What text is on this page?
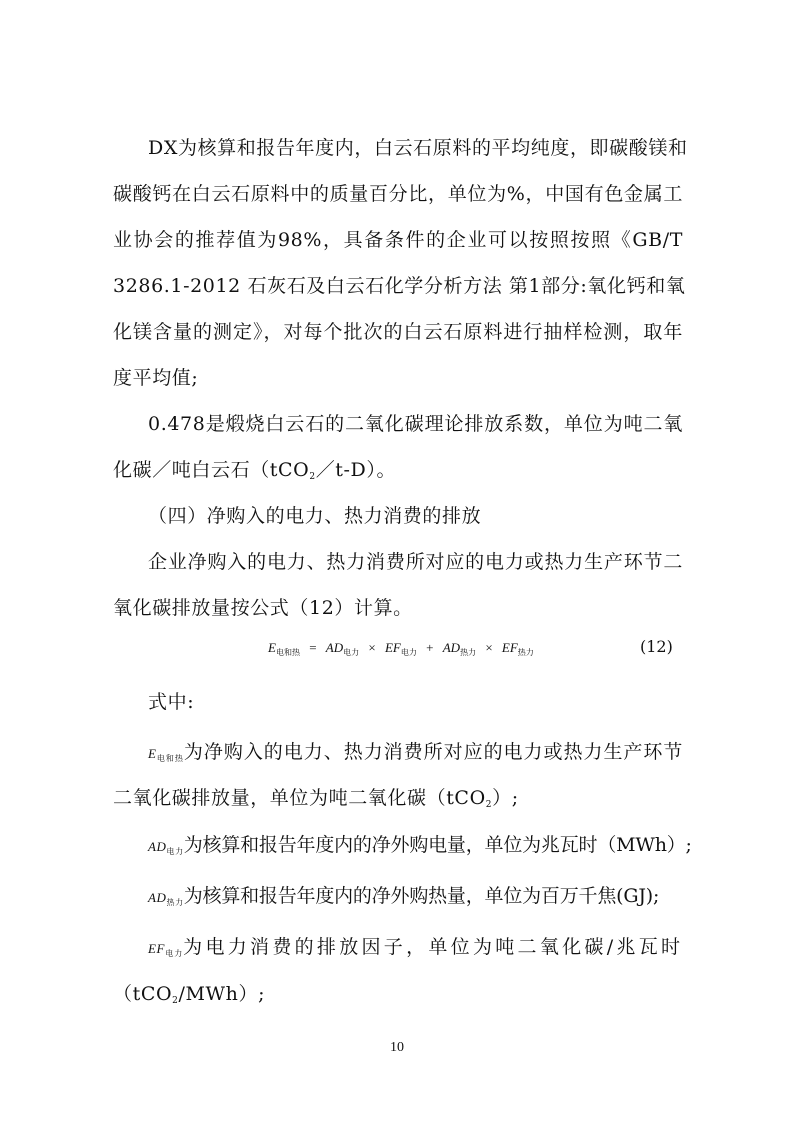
DX为核算和报告年度内，白云石原料的平均纯度，即碳酸镁和
碳酸钙在白云石原料中的质量百分比，单位为%，中国有色金属工
业协会的推荐值为98%，具备条件的企业可以按照按照《GB/T
3286.1-2012 石灰石及白云石化学分析方法 第1部分:氧化钙和氧
化镁含量的测定》，对每个批次的白云石原料进行抽样检测，取年
度平均值;
0.478是煅烧白云石的二氧化碳理论排放系数，单位为吨二氧
化碳／吨白云石（tCO2／t-D）。
（四）净购入的电力、热力消费的排放
企业净购入的电力、热力消费所对应的电力或热力生产环节二
氧化碳排放量按公式（12）计算。
$E_{电和热} = AD_{电力} \times EF_{电力} + AD_{热力} \times EF_{热力}$	(12)
式中:
$E_{电和热}$为净购入的电力、热力消费所对应的电力或热力生产环节
二氧化碳排放量，单位为吨二氧化碳（tCO2）;
$AD_{电力}$为核算和报告年度内的净外购电量，单位为兆瓦时（MWh）;
$AD_{热力}$为核算和报告年度内的净外购热量，单位为百万千焦(GJ);
$EF_{电力}$为电力消费的排放因子，单位为吨二氧化碳/兆瓦时
（tCO2/MWh）;
10
